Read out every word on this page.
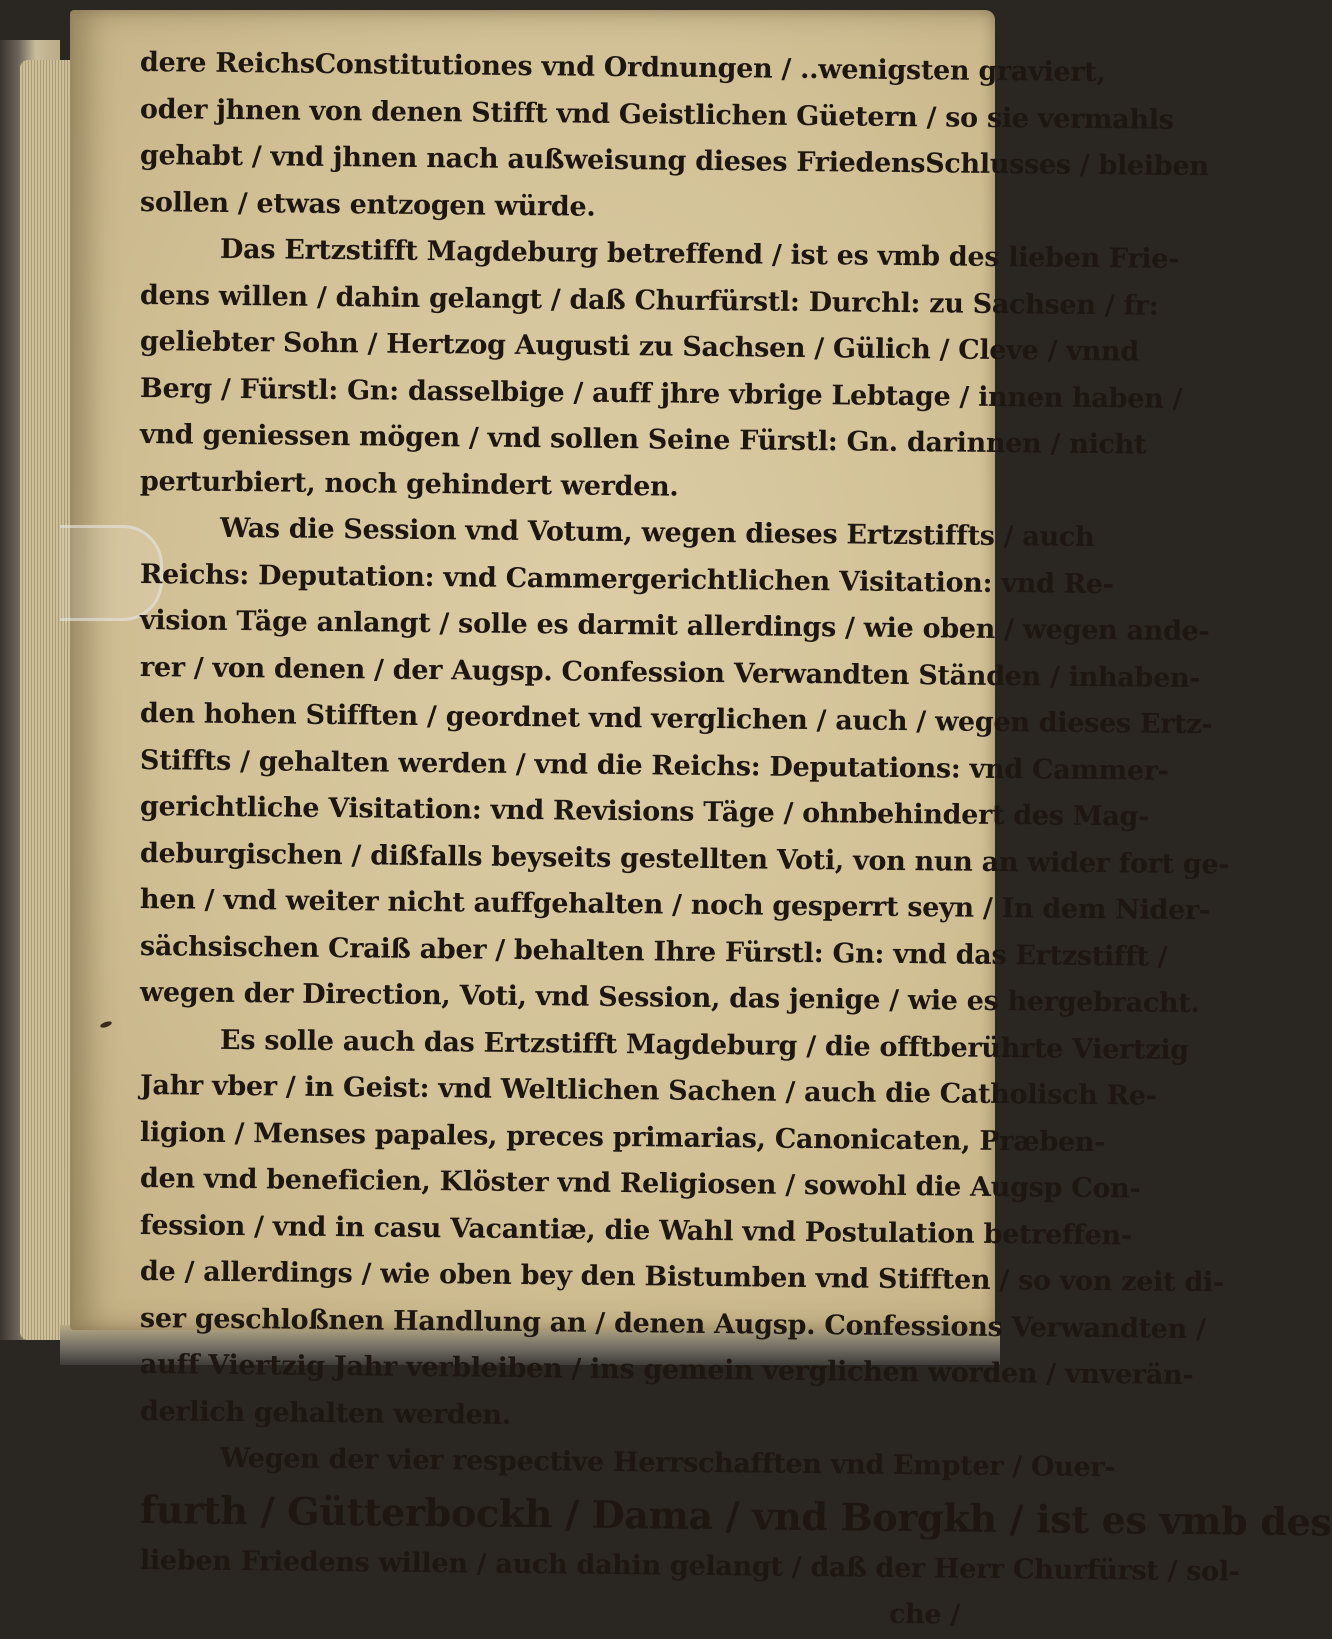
dere ReichsConstitutiones vnd Ordnungen / ..wenigsten graviert,
oder jhnen von denen Stifft vnd Geistlichen Güetern / so sie vermahls
gehabt / vnd jhnen nach außweisung dieses FriedensSchlusses / bleiben
sollen / etwas entzogen würde.
Das Ertzstifft Magdeburg betreffend / ist es vmb des lieben Frie-
dens willen / dahin gelangt / daß Churfürstl: Durchl: zu Sachsen / fr:
geliebter Sohn / Hertzog Augusti zu Sachsen / Gülich / Cleve / vnnd
Berg / Fürstl: Gn: dasselbige / auff jhre vbrige Lebtage / innen haben /
vnd geniessen mögen / vnd sollen Seine Fürstl: Gn. darinnen / nicht
perturbiert, noch gehindert werden.
Was die Session vnd Votum, wegen dieses Ertzstiffts / auch
Reichs: Deputation: vnd Cammergerichtlichen Visitation: vnd Re-
vision Täge anlangt / solle es darmit allerdings / wie oben / wegen ande-
rer / von denen / der Augsp. Confession Verwandten Ständen / inhaben-
den hohen Stifften / geordnet vnd verglichen / auch / wegen dieses Ertz-
Stiffts / gehalten werden / vnd die Reichs: Deputations: vnd Cammer-
gerichtliche Visitation: vnd Revisions Täge / ohnbehindert des Mag-
deburgischen / dißfalls beyseits gestellten Voti, von nun an wider fort ge-
hen / vnd weiter nicht auffgehalten / noch gesperrt seyn / In dem Nider-
sächsischen Craiß aber / behalten Ihre Fürstl: Gn: vnd das Ertzstifft /
wegen der Direction, Voti, vnd Session, das jenige / wie es hergebracht.
Es solle auch das Ertzstifft Magdeburg / die offtberührte Viertzig
Jahr vber / in Geist: vnd Weltlichen Sachen / auch die Catholisch Re-
ligion / Menses papales, preces primarias, Canonicaten, Præben-
den vnd beneficien, Klöster vnd Religiosen / sowohl die Augsp Con-
fession / vnd in casu Vacantiæ, die Wahl vnd Postulation betreffen-
de / allerdings / wie oben bey den Bistumben vnd Stifften / so von zeit di-
ser geschloßnen Handlung an / denen Augsp. Confessions Verwandten /
auff Viertzig Jahr verbleiben / ins gemein verglichen worden / vnverän-
derlich gehalten werden.
Wegen der vier respective Herrschafften vnd Empter / Ouer-
furth / Gütterbockh / Dama / vnd Borgkh / ist es vmb des
lieben Friedens willen / auch dahin gelangt / daß der Herr Churfürst / sol-
che /
